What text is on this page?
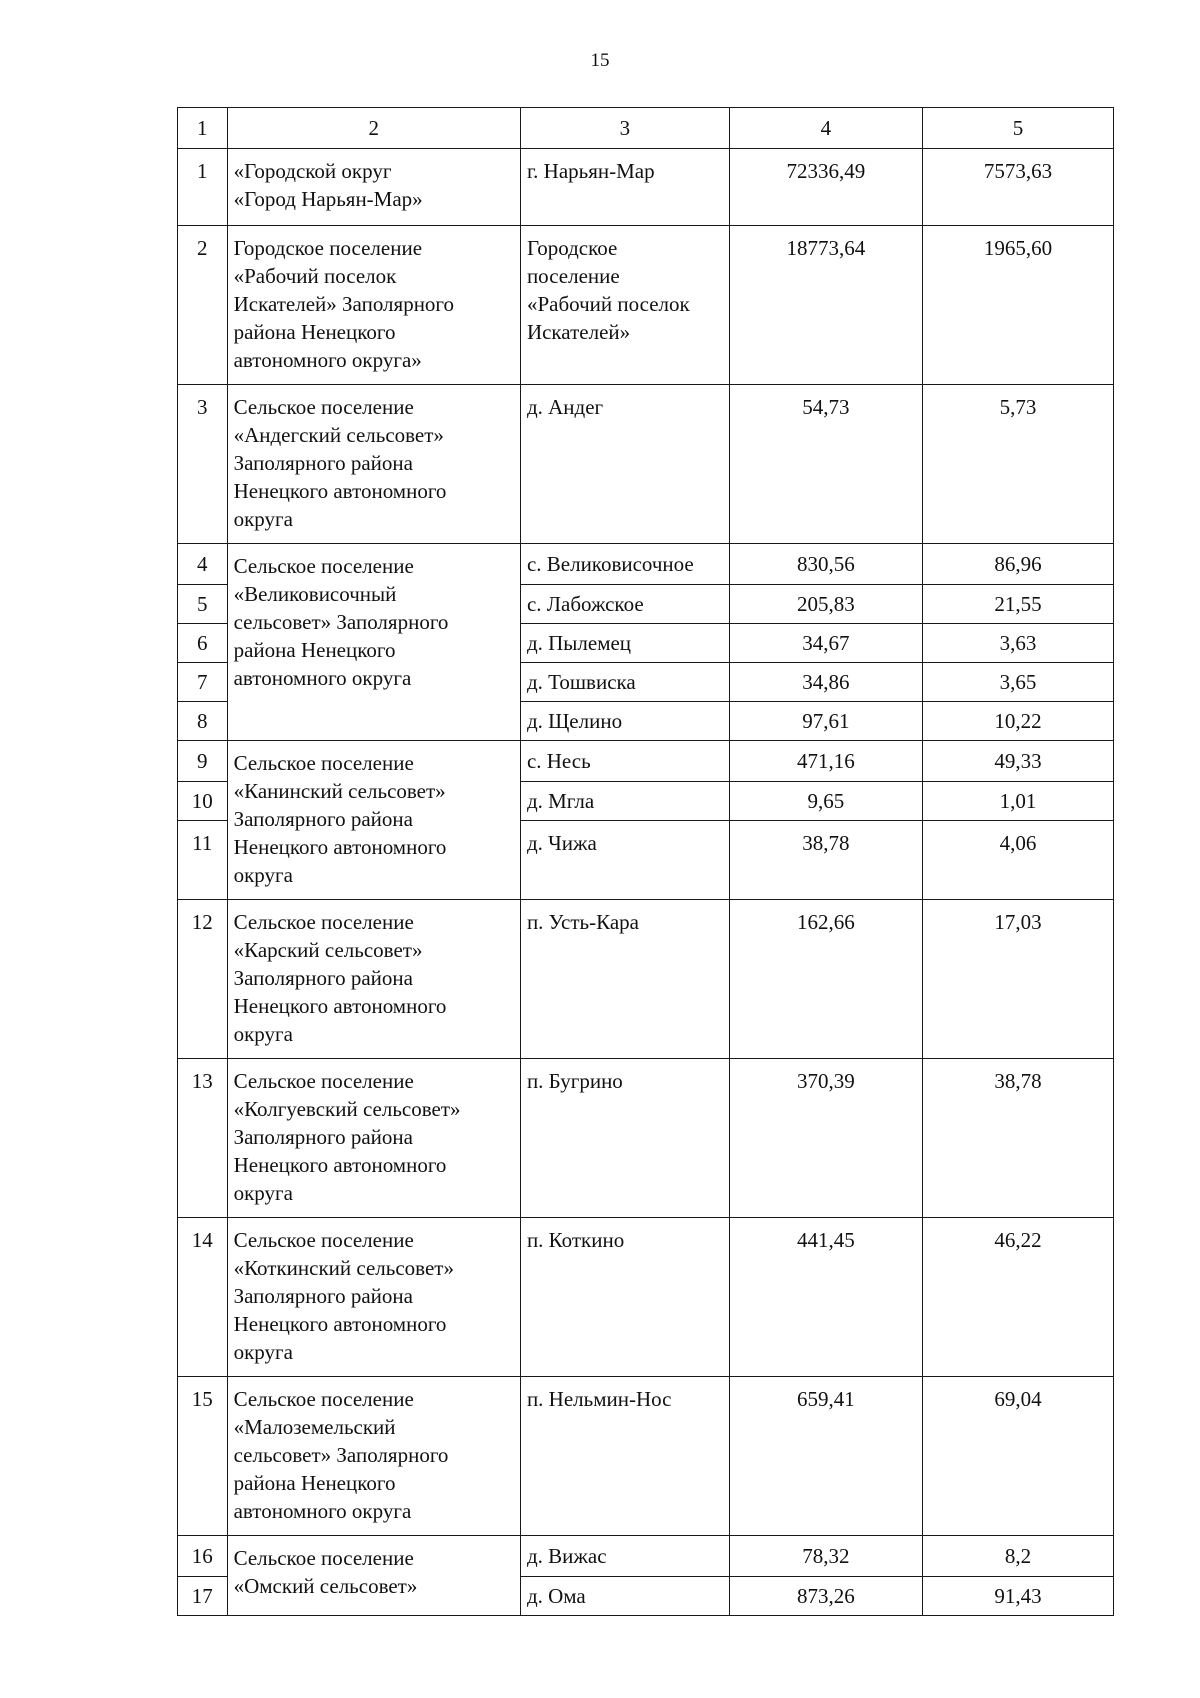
15
1	2	3	4	5
1	«Городской округ
«Город Нарьян-Мар»	г. Нарьян-Мар	72336,49	7573,63
2	Городское поселение
«Рабочий поселок
Искателей» Заполярного
района Ненецкого
автономного округа»	Городское
поселение
«Рабочий поселок
Искателей»	18773,64	1965,60
3	Сельское поселение
«Андегский сельсовет»
Заполярного района
Ненецкого автономного
округа	д. Андег	54,73	5,73
4	Сельское поселение
«Великовисочный
сельсовет» Заполярного
района Ненецкого
автономного округа	с. Великовисочное	830,56	86,96
5		с. Лабожское	205,83	21,55
6		д. Пылемец	34,67	3,63
7		д. Тошвиска	34,86	3,65
8		д. Щелино	97,61	10,22
9	Сельское поселение
«Канинский сельсовет»
Заполярного района
Ненецкого автономного
округа	с. Несь	471,16	49,33
10		д. Мгла	9,65	1,01
11		д. Чижа	38,78	4,06
12	Сельское поселение
«Карский сельсовет»
Заполярного района
Ненецкого автономного
округа	п. Усть-Кара	162,66	17,03
13	Сельское поселение
«Колгуевский сельсовет»
Заполярного района
Ненецкого автономного
округа	п. Бугрино	370,39	38,78
14	Сельское поселение
«Коткинский сельсовет»
Заполярного района
Ненецкого автономного
округа	п. Коткино	441,45	46,22
15	Сельское поселение
«Малоземельский
сельсовет» Заполярного
района Ненецкого
автономного округа	п. Нельмин-Нос	659,41	69,04
16	Сельское поселение
«Омский сельсовет»	д. Вижас	78,32	8,2
17		д. Ома	873,26	91,43
